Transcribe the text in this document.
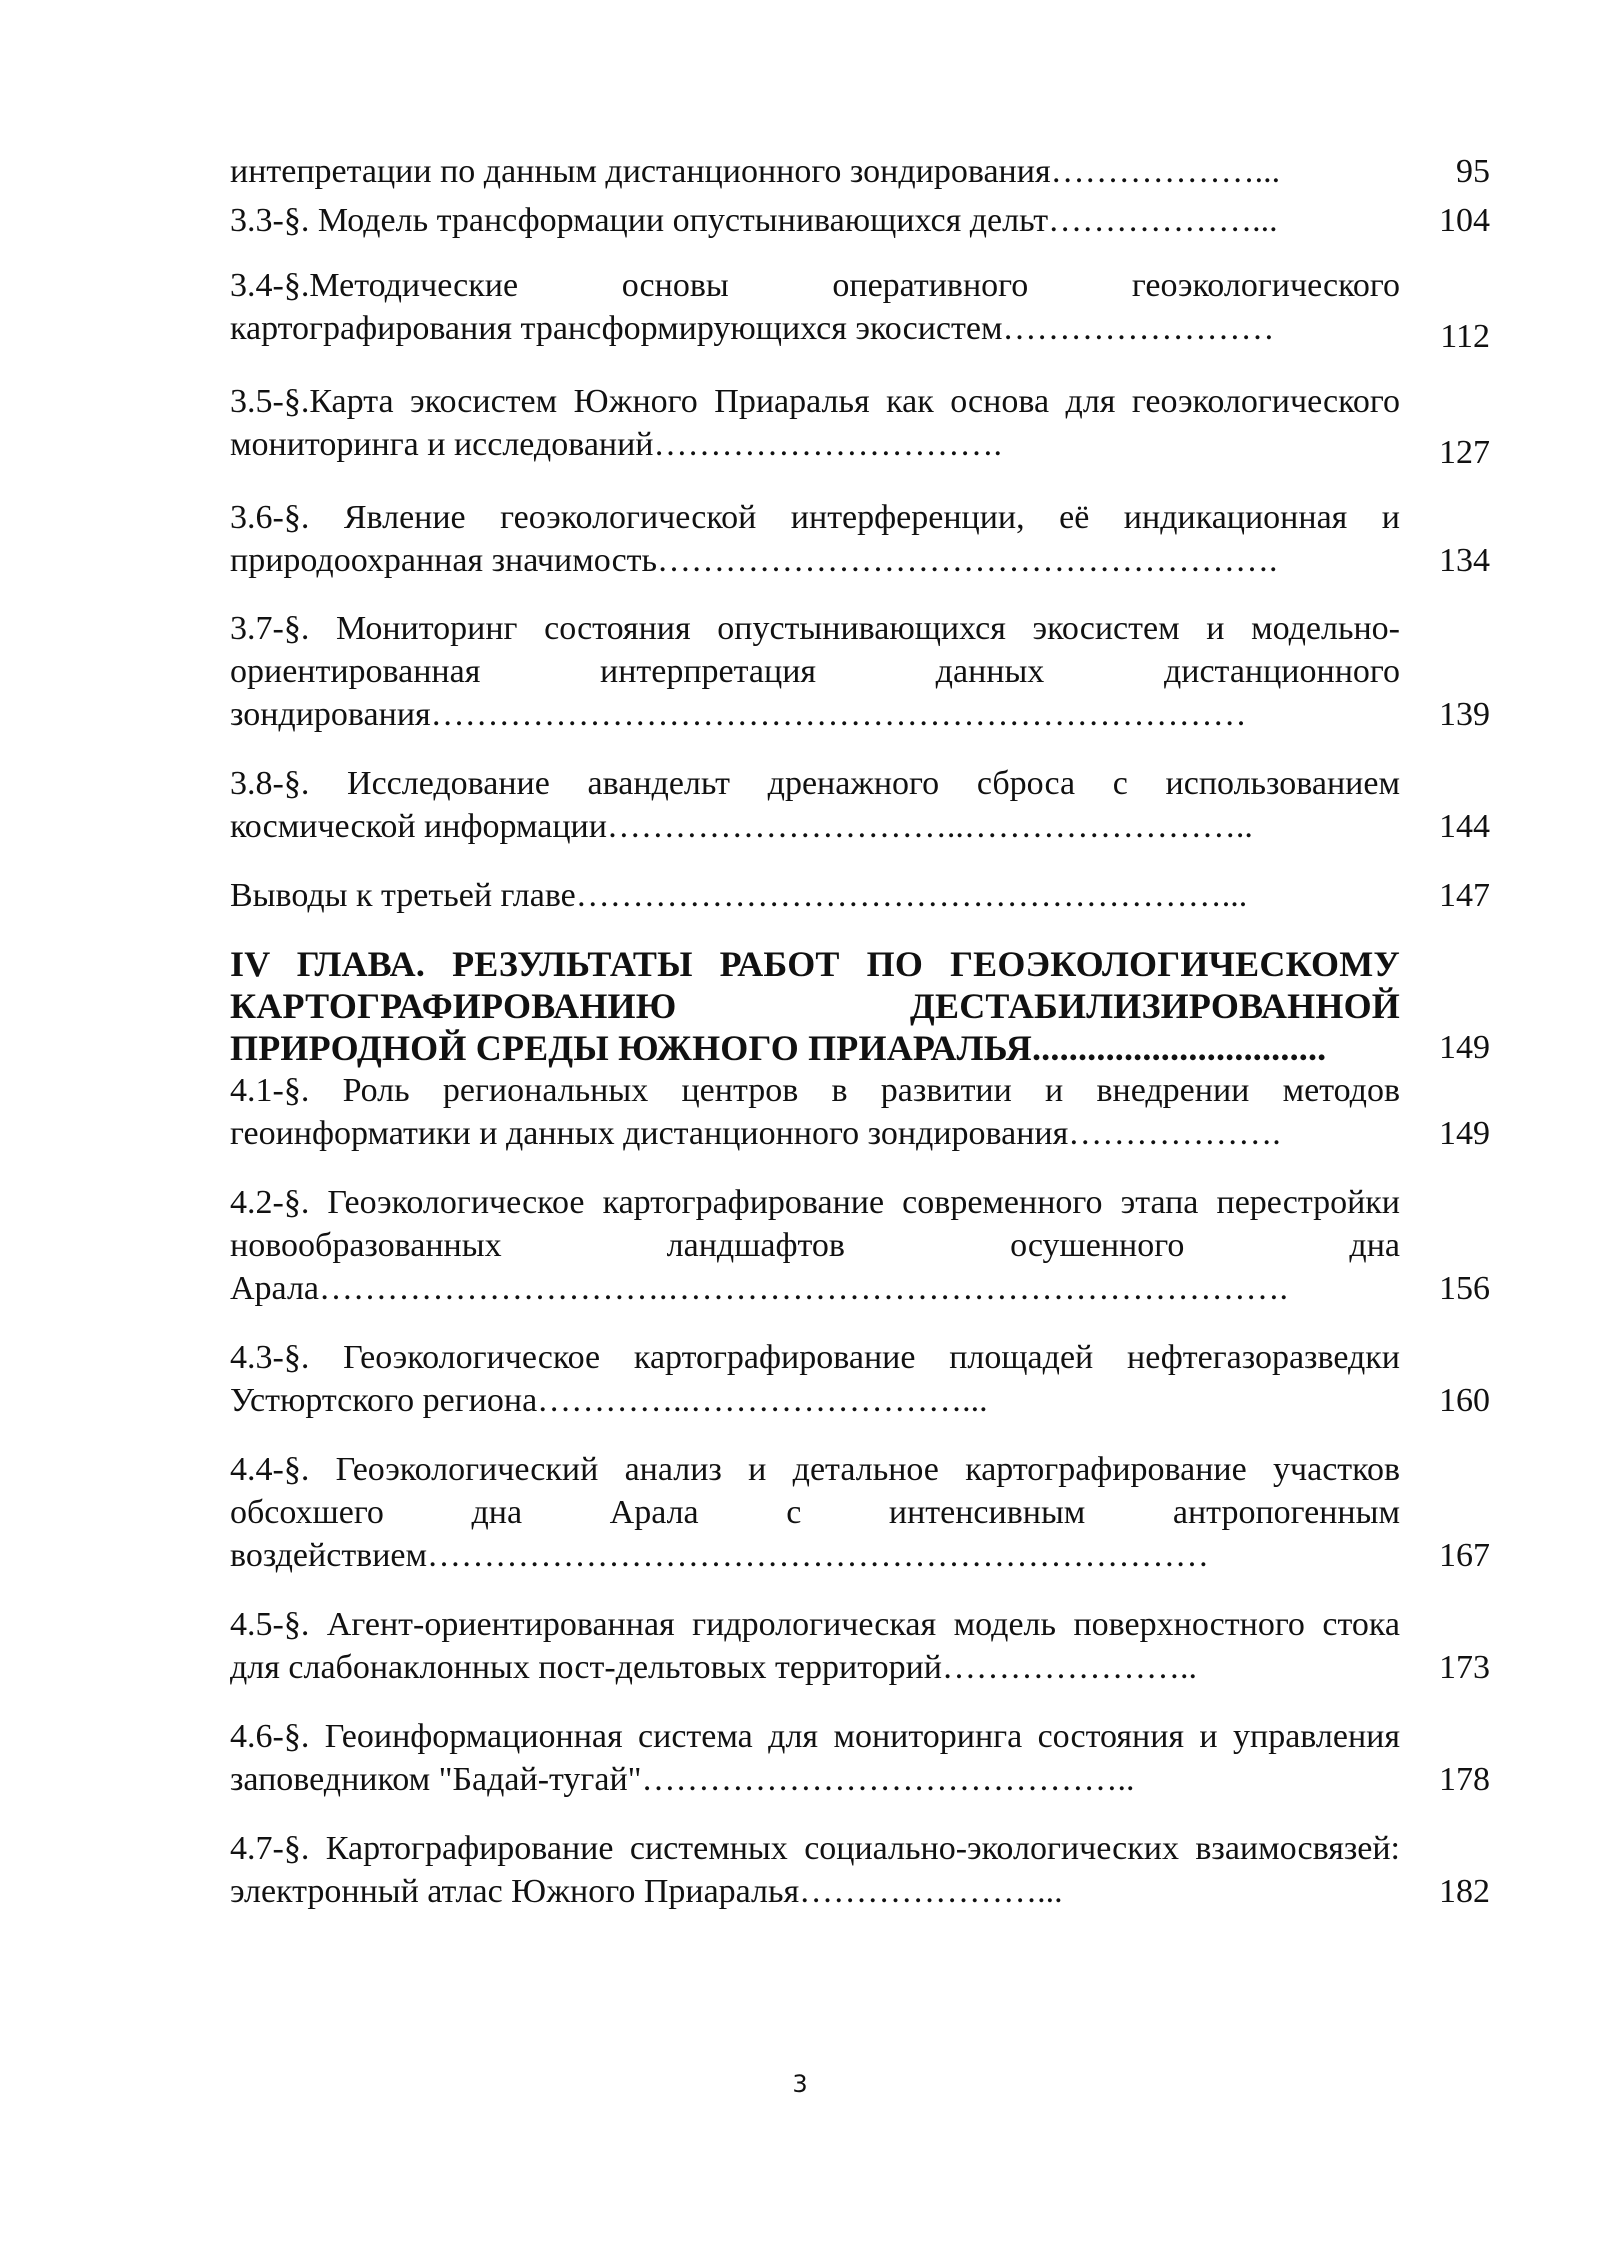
интепретации по данным дистанционного зондирования………………...	95
3.3-§. Модель трансформации опустынивающихся дельт………………...	104
3.4-§.Методические основы оперативного геоэкологического картографирования трансформирующихся экосистем……………………	112
3.5-§.Карта экосистем Южного Приаралья как основа для геоэкологического мониторинга и исследований………………………….	127
3.6-§. Явление геоэкологической интерференции, её индикационная и природоохранная значимость……………………………………………….	134
3.7-§. Мониторинг состояния опустынивающихся экосистем и модельно-ориентированная интерпретация данных дистанционного зондирования………………………………………………………………	139
3.8-§. Исследование авандельт дренажного сброса с использованием космической информации…………………………..……………………..	144
Выводы к третьей главе…………………………………………………...	147
IV ГЛАВА. РЕЗУЛЬТАТЫ РАБОТ ПО ГЕОЭКОЛОГИЧЕСКОМУ КАРТОГРАФИРОВАНИЮ ДЕСТАБИЛИЗИРОВАННОЙ ПРИРОДНОЙ СРЕДЫ ЮЖНОГО ПРИАРАЛЬЯ................................	149
4.1-§. Роль региональных центров в развитии и внедрении методов геоинформатики и данных дистанционного зондирования……………….	149
4.2-§. Геоэкологическое картографирование современного этапа перестройки новообразованных ландшафтов осушенного дна Арала………………………….……………………………………………….	156
4.3-§. Геоэкологическое картографирование площадей нефтегазоразведки Устюртского региона…………..……………………...	160
4.4-§. Геоэкологический анализ и детальное картографирование участков обсохшего дна Арала с интенсивным антропогенным воздействием……………………………………………………………	167
4.5-§. Агент-ориентированная гидрологическая модель поверхностного стока для слабонаклонных пост-дельтовых территорий…………………..	173
4.6-§. Геоинформационная система для мониторинга состояния и управления заповедником "Бадай-тугай"……………………………………..	178
4.7-§. Картографирование системных социально-экологических взаимосвязей: электронный атлас Южного Приаралья…………………...	182
3
